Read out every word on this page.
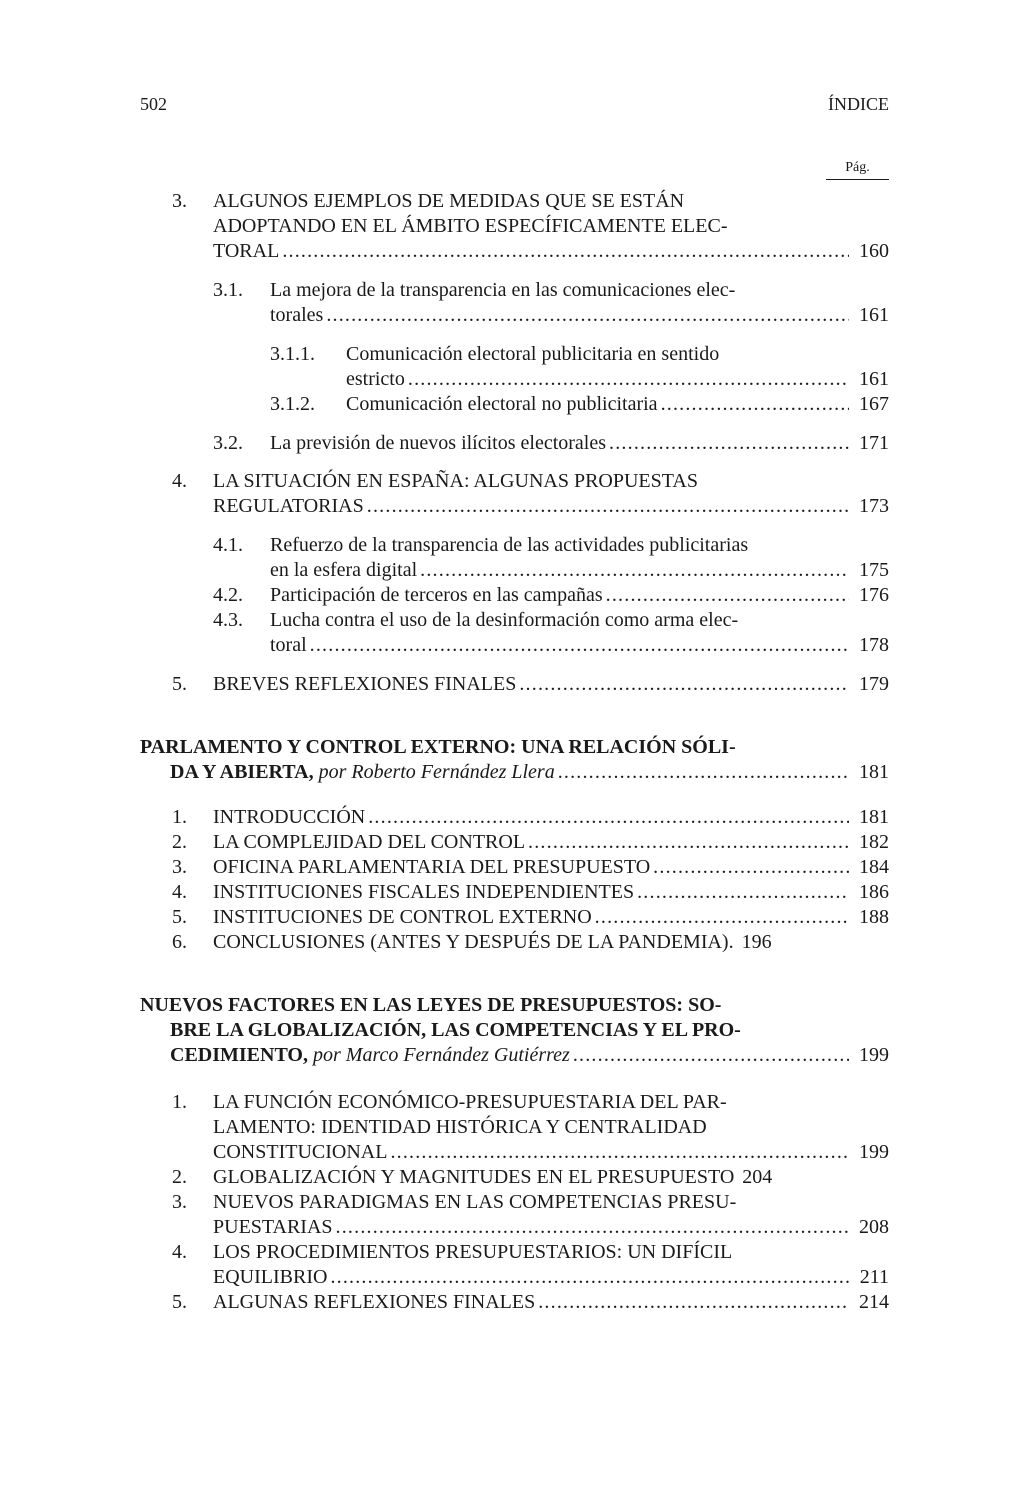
502	ÍNDICE
Pág.
3. ALGUNOS EJEMPLOS DE MEDIDAS QUE SE ESTÁN
ADOPTANDO EN EL ÁMBITO ESPECÍFICAMENTE ELEC-
TORAL .....	160
3.1. La mejora de la transparencia en las comunicaciones elec-
torales .....	161
3.1.1. Comunicación electoral publicitaria en sentido
estricto .....	161
3.1.2. Comunicación electoral no publicitaria .....	167
3.2. La previsión de nuevos ilícitos electorales .....	171
4. LA SITUACIÓN EN ESPAÑA: ALGUNAS PROPUESTAS
REGULATORIAS .....	173
4.1. Refuerzo de la transparencia de las actividades publicitarias
en la esfera digital .....	175
4.2. Participación de terceros en las campañas .....	176
4.3. Lucha contra el uso de la desinformación como arma elec-
toral .....	178
5. BREVES REFLEXIONES FINALES .....	179
PARLAMENTO Y CONTROL EXTERNO: UNA RELACIÓN SÓLI-
DA Y ABIERTA, por Roberto Fernández Llera .....	181
1. INTRODUCCIÓN .....	181
2. LA COMPLEJIDAD DEL CONTROL .....	182
3. OFICINA PARLAMENTARIA DEL PRESUPUESTO .....	184
4. INSTITUCIONES FISCALES INDEPENDIENTES .....	186
5. INSTITUCIONES DE CONTROL EXTERNO .....	188
6. CONCLUSIONES (ANTES Y DESPUÉS DE LA PANDEMIA). 196
NUEVOS FACTORES EN LAS LEYES DE PRESUPUESTOS: SO-
BRE LA GLOBALIZACIÓN, LAS COMPETENCIAS Y EL PRO-
CEDIMIENTO, por Marco Fernández Gutiérrez .....	199
1. LA FUNCIÓN ECONÓMICO-PRESUPUESTARIA DEL PAR-
LAMENTO: IDENTIDAD HISTÓRICA Y CENTRALIDAD
CONSTITUCIONAL .....	199
2. GLOBALIZACIÓN Y MAGNITUDES EN EL PRESUPUESTO 204
3. NUEVOS PARADIGMAS EN LAS COMPETENCIAS PRESU-
PUESTARIAS .....	208
4. LOS PROCEDIMIENTOS PRESUPUESTARIOS: UN DIFÍCIL
EQUILIBRIO .....	211
5. ALGUNAS REFLEXIONES FINALES .....	214
